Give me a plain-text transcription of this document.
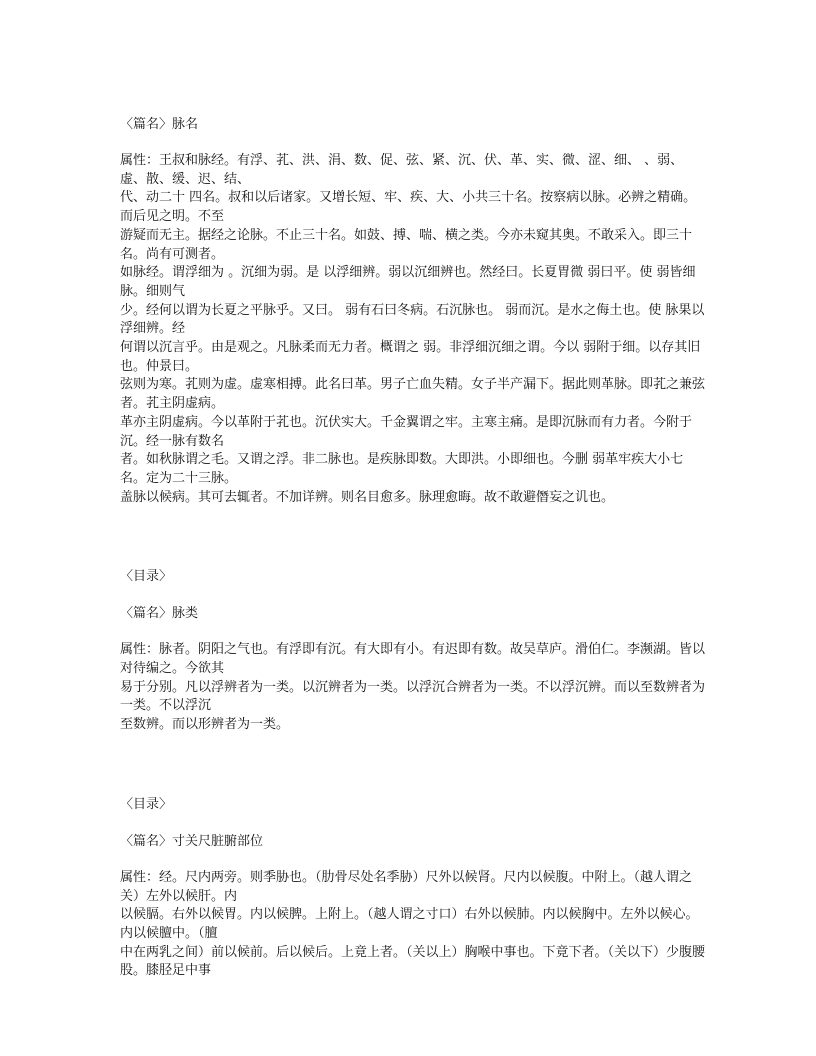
〈篇名〉脉名
属性：王叔和脉经。有浮、芤、洪、涓、数、促、弦、紧、沉、伏、革、实、微、涩、细、 、弱、虚、散、缓、迟、结、
代、动二十 四名。叔和以后诸家。又增长短、牢、疾、大、小共三十名。按察病以脉。必辨之精确。而后见之明。不至
游疑而无主。据经之论脉。不止三十名。如鼓、搏、喘、横之类。今亦未窥其奥。不敢采入。即三十名。尚有可测者。
如脉经。谓浮细为 。沉细为弱。是 以浮细辨。弱以沉细辨也。然经曰。长夏胃微 弱曰平。使 弱皆细脉。细则气
少。经何以谓为长夏之平脉乎。又曰。 弱有石曰冬病。石沉脉也。 弱而沉。是水之侮土也。使 脉果以浮细辨。经
何谓以沉言乎。由是观之。凡脉柔而无力者。概谓之 弱。非浮细沉细之谓。今以 弱附于细。以存其旧也。仲景曰。
弦则为寒。芤则为虚。虚寒相搏。此名曰革。男子亡血失精。女子半产漏下。据此则革脉。即芤之兼弦者。芤主阴虚病。
革亦主阴虚病。今以革附于芤也。沉伏实大。千金翼谓之牢。主寒主痛。是即沉脉而有力者。今附于沉。经一脉有数名
者。如秋脉谓之毛。又谓之浮。非二脉也。是疾脉即数。大即洪。小即细也。今删 弱革牢疾大小七名。定为二十三脉。
盖脉以候病。其可去辄者。不加详辨。则名目愈多。脉理愈晦。故不敢避僭妄之讥也。
〈目录〉
〈篇名〉脉类
属性：脉者。阴阳之气也。有浮即有沉。有大即有小。有迟即有数。故吴草庐。滑伯仁。李濒湖。皆以对待编之。今欲其
易于分别。凡以浮辨者为一类。以沉辨者为一类。以浮沉合辨者为一类。不以浮沉辨。而以至数辨者为一类。不以浮沉
至数辨。而以形辨者为一类。
〈目录〉
〈篇名〉寸关尺脏腑部位
属性：经。尺内两旁。则季胁也。（肋骨尽处名季胁）尺外以候肾。尺内以候腹。中附上。（越人谓之关）左外以候肝。内
以候膈。右外以候胃。内以候脾。上附上。（越人谓之寸口）右外以候肺。内以候胸中。左外以候心。内以候膻中。（膻
中在两乳之间）前以候前。后以候后。上竟上者。（关以上）胸喉中事也。下竟下者。（关以下）少腹腰股。膝胫足中事
